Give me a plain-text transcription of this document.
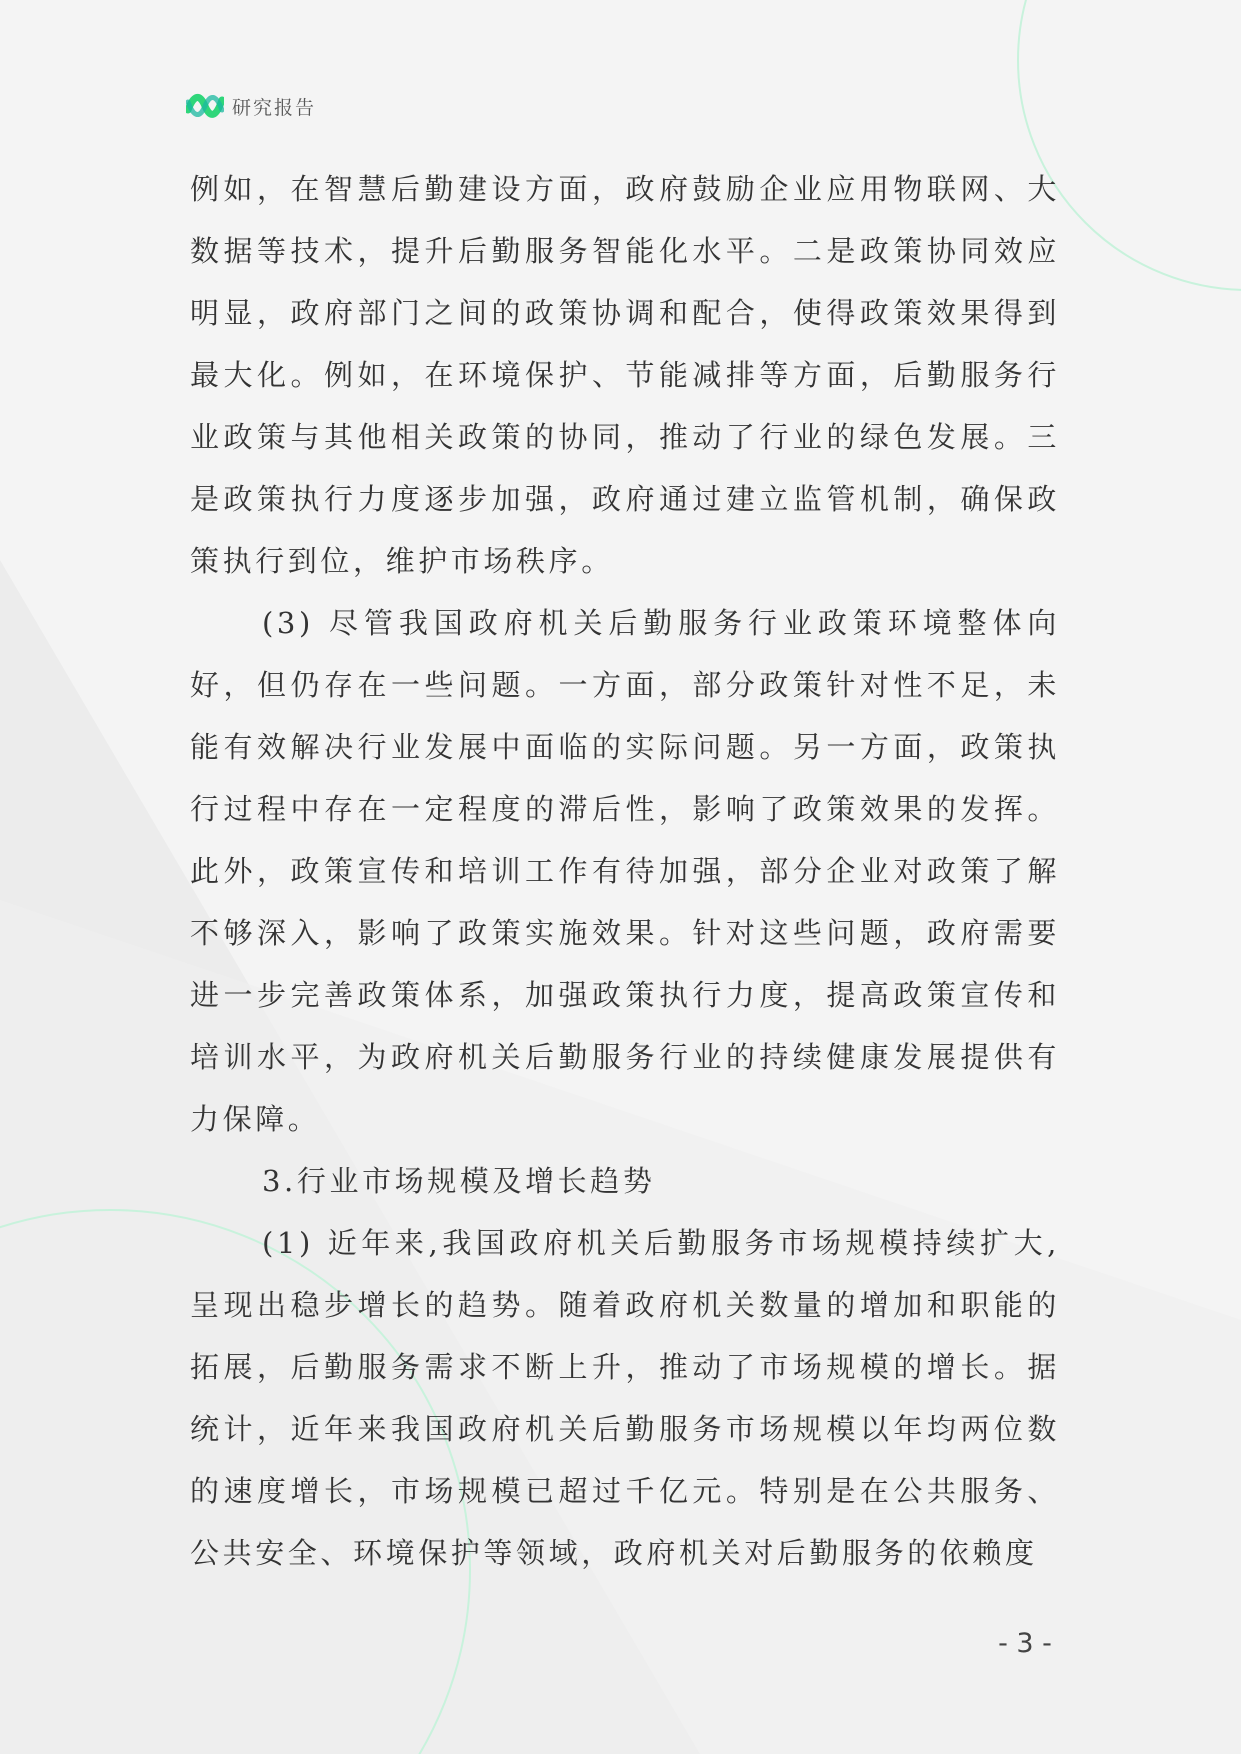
研究报告

例如，在智慧后勤建设方面，政府鼓励企业应用物联网、大数据等技术，提升后勤服务智能化水平。二是政策协同效应明显，政府部门之间的政策协调和配合，使得政策效果得到最大化。例如，在环境保护、节能减排等方面，后勤服务行业政策与其他相关政策的协同，推动了行业的绿色发展。三是政策执行力度逐步加强，政府通过建立监管机制，确保政策执行到位，维护市场秩序。

(3) 尽管我国政府机关后勤服务行业政策环境整体向好，但仍存在一些问题。一方面，部分政策针对性不足，未能有效解决行业发展中面临的实际问题。另一方面，政策执行过程中存在一定程度的滞后性，影响了政策效果的发挥。此外，政策宣传和培训工作有待加强，部分企业对政策了解不够深入，影响了政策实施效果。针对这些问题，政府需要进一步完善政策体系，加强政策执行力度，提高政策宣传和培训水平，为政府机关后勤服务行业的持续健康发展提供有力保障。

3.行业市场规模及增长趋势

(1) 近年来,我国政府机关后勤服务市场规模持续扩大,呈现出稳步增长的趋势。随着政府机关数量的增加和职能的拓展，后勤服务需求不断上升，推动了市场规模的增长。据统计，近年来我国政府机关后勤服务市场规模以年均两位数的速度增长，市场规模已超过千亿元。特别是在公共服务、公共安全、环境保护等领域，政府机关对后勤服务的依赖度

- 3 -
